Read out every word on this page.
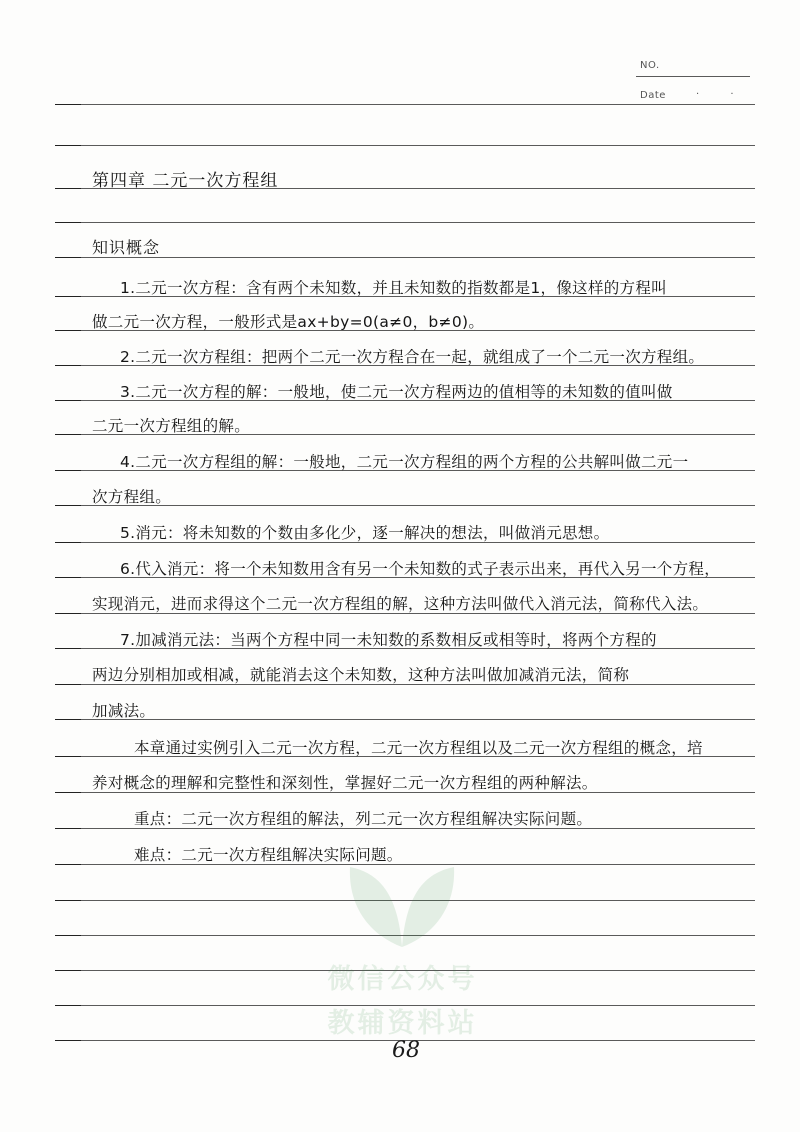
NO.
Date	· ·
微信公众号
教辅资料站
第四章 二元一次方程组
知识概念
1.二元一次方程：含有两个未知数，并且未知数的指数都是1，像这样的方程叫
做二元一次方程，一般形式是ax+by=0(a≠0，b≠0)。
2.二元一次方程组：把两个二元一次方程合在一起，就组成了一个二元一次方程组。
3.二元一次方程的解：一般地，使二元一次方程两边的值相等的未知数的值叫做
二元一次方程组的解。
4.二元一次方程组的解：一般地，二元一次方程组的两个方程的公共解叫做二元一
次方程组。
5.消元：将未知数的个数由多化少，逐一解决的想法，叫做消元思想。
6.代入消元：将一个未知数用含有另一个未知数的式子表示出来，再代入另一个方程，
实现消元，进而求得这个二元一次方程组的解，这种方法叫做代入消元法，简称代入法。
7.加减消元法：当两个方程中同一未知数的系数相反或相等时，将两个方程的
两边分别相加或相减，就能消去这个未知数，这种方法叫做加减消元法，简称
加减法。
本章通过实例引入二元一次方程，二元一次方程组以及二元一次方程组的概念，培
养对概念的理解和完整性和深刻性，掌握好二元一次方程组的两种解法。
重点：二元一次方程组的解法，列二元一次方程组解决实际问题。
难点：二元一次方程组解决实际问题。
68
